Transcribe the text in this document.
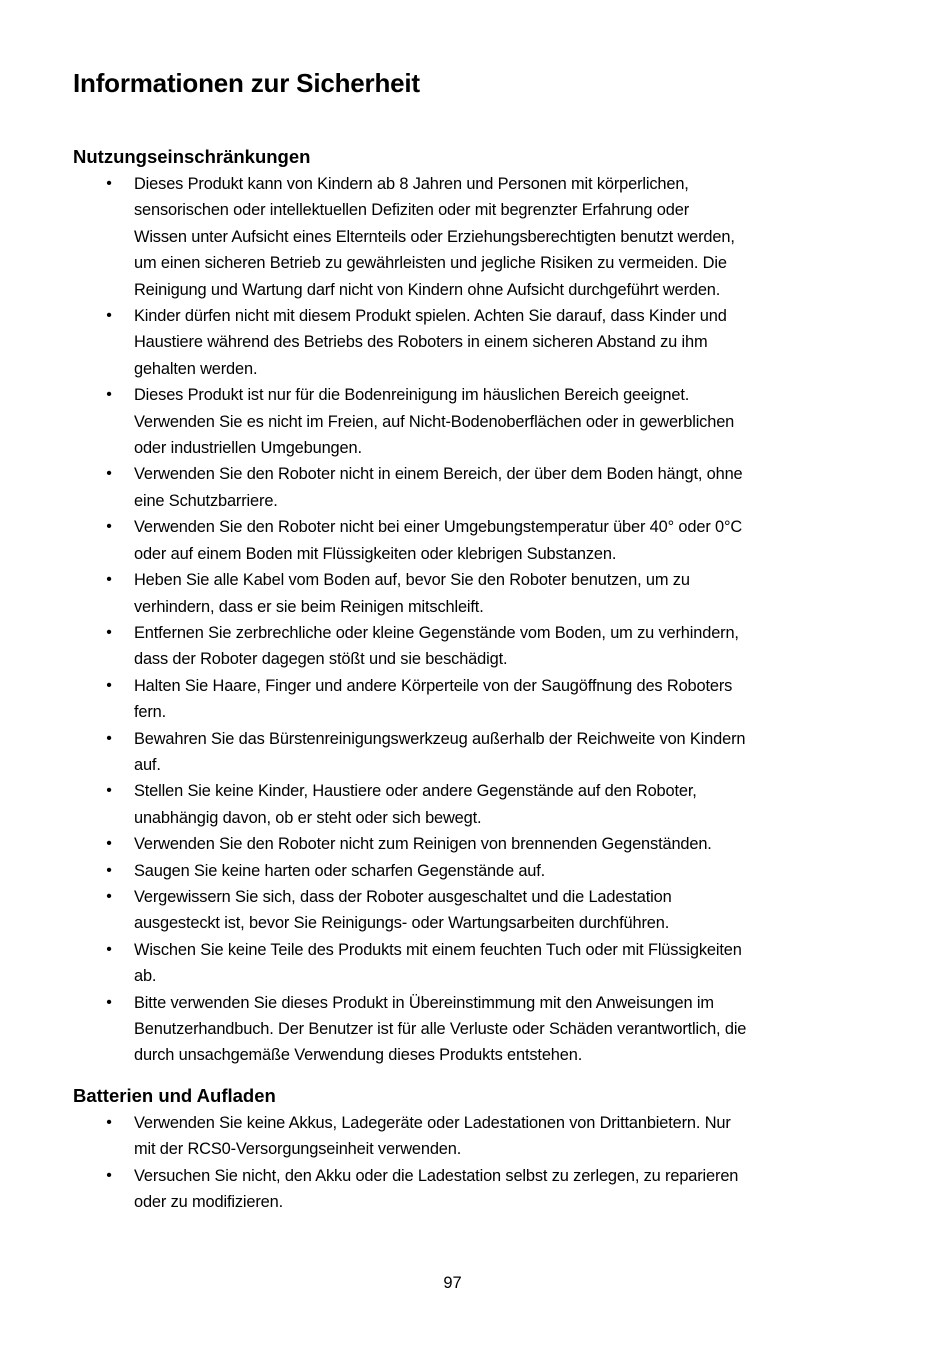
Informationen zur Sicherheit
Nutzungseinschränkungen
• Dieses Produkt kann von Kindern ab 8 Jahren und Personen mit körperlichen,
sensorischen oder intellektuellen Defiziten oder mit begrenzter Erfahrung oder
Wissen unter Aufsicht eines Elternteils oder Erziehungsberechtigten benutzt werden,
um einen sicheren Betrieb zu gewährleisten und jegliche Risiken zu vermeiden. Die
Reinigung und Wartung darf nicht von Kindern ohne Aufsicht durchgeführt werden.
• Kinder dürfen nicht mit diesem Produkt spielen. Achten Sie darauf, dass Kinder und
Haustiere während des Betriebs des Roboters in einem sicheren Abstand zu ihm
gehalten werden.
• Dieses Produkt ist nur für die Bodenreinigung im häuslichen Bereich geeignet.
Verwenden Sie es nicht im Freien, auf Nicht-Bodenoberflächen oder in gewerblichen
oder industriellen Umgebungen.
• Verwenden Sie den Roboter nicht in einem Bereich, der über dem Boden hängt, ohne
eine Schutzbarriere.
• Verwenden Sie den Roboter nicht bei einer Umgebungstemperatur über 40° oder 0°C
oder auf einem Boden mit Flüssigkeiten oder klebrigen Substanzen.
• Heben Sie alle Kabel vom Boden auf, bevor Sie den Roboter benutzen, um zu
verhindern, dass er sie beim Reinigen mitschleift.
• Entfernen Sie zerbrechliche oder kleine Gegenstände vom Boden, um zu verhindern,
dass der Roboter dagegen stößt und sie beschädigt.
• Halten Sie Haare, Finger und andere Körperteile von der Saugöffnung des Roboters
fern.
• Bewahren Sie das Bürstenreinigungswerkzeug außerhalb der Reichweite von Kindern
auf.
• Stellen Sie keine Kinder, Haustiere oder andere Gegenstände auf den Roboter,
unabhängig davon, ob er steht oder sich bewegt.
• Verwenden Sie den Roboter nicht zum Reinigen von brennenden Gegenständen.
• Saugen Sie keine harten oder scharfen Gegenstände auf.
• Vergewissern Sie sich, dass der Roboter ausgeschaltet und die Ladestation
ausgesteckt ist, bevor Sie Reinigungs- oder Wartungsarbeiten durchführen.
• Wischen Sie keine Teile des Produkts mit einem feuchten Tuch oder mit Flüssigkeiten
ab.
• Bitte verwenden Sie dieses Produkt in Übereinstimmung mit den Anweisungen im
Benutzerhandbuch. Der Benutzer ist für alle Verluste oder Schäden verantwortlich, die
durch unsachgemäße Verwendung dieses Produkts entstehen.
Batterien und Aufladen
• Verwenden Sie keine Akkus, Ladegeräte oder Ladestationen von Drittanbietern. Nur
mit der RCS0-Versorgungseinheit verwenden.
• Versuchen Sie nicht, den Akku oder die Ladestation selbst zu zerlegen, zu reparieren
oder zu modifizieren.
97
